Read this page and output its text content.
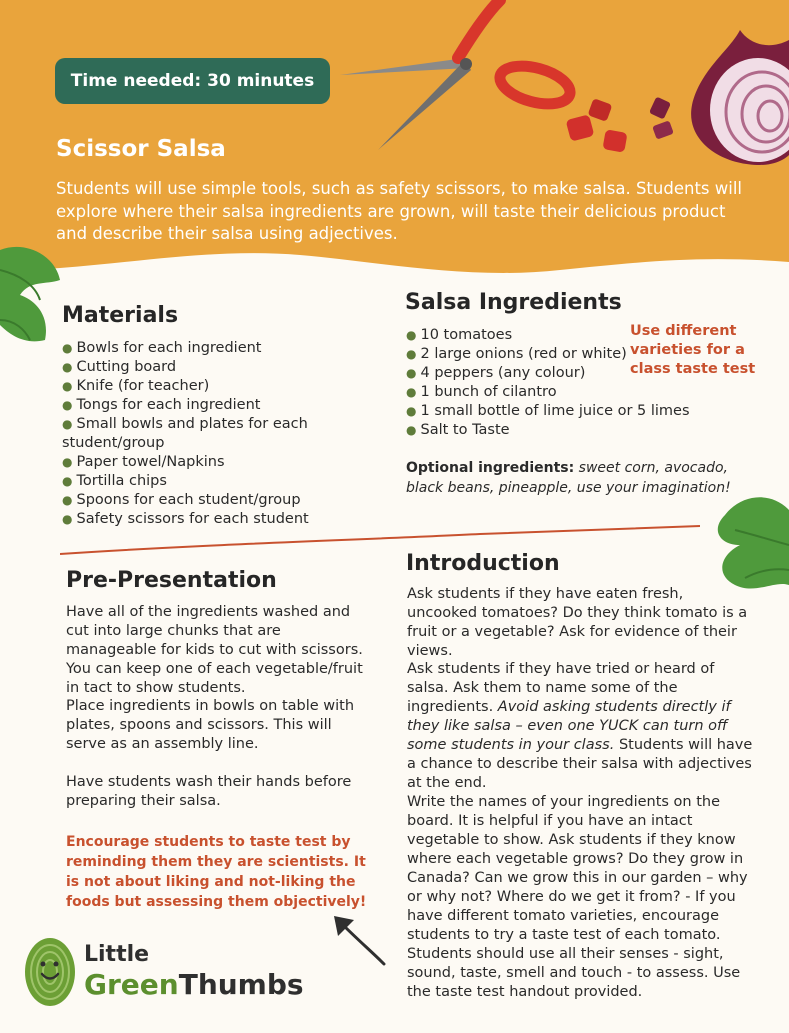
Time needed: 30 minutes
Scissor Salsa

Students will use simple tools, such as safety scissors, to make salsa. Students will explore where their salsa ingredients are grown, will taste their delicious product and describe their salsa using adjectives.

Materials
● Bowls for each ingredient
● Cutting board
● Knife (for teacher)
● Tongs for each ingredient
● Small bowls and plates for each
student/group
● Paper towel/Napkins
● Tortilla chips
● Spoons for each student/group
● Safety scissors for each student
Salsa Ingredients
● 10 tomatoes
● 2 large onions (red or white)
● 4 peppers (any colour)
● 1 bunch of cilantro
● 1 small bottle of lime juice or 5 limes
● Salt to Taste
Use different
varieties for a
class taste test

Optional ingredients: sweet corn, avocado, black beans, pineapple, use your imagination!

Pre-Presentation

Have all of the ingredients washed and cut into large chunks that are manageable for kids to cut with scissors. You can keep one of each vegetable/fruit in tact to show students.

Place ingredients in bowls on table with plates, spoons and scissors. This will serve as an assembly line.

Have students wash their hands before preparing their salsa.

Encourage students to taste test by reminding them they are scientists. It is not about liking and not-liking the foods but assessing them objectively!

Introduction

Ask students if they have eaten fresh, uncooked tomatoes? Do they think tomato is a fruit or a vegetable? Ask for evidence of their views.

Ask students if they have tried or heard of salsa. Ask them to name some of the ingredients. Avoid asking students directly if they like salsa – even one YUCK can turn off some students in your class. Students will have a chance to describe their salsa with adjectives at the end.

Write the names of your ingredients on the board. It is helpful if you have an intact vegetable to show. Ask students if they know where each vegetable grows? Do they grow in Canada? Can we grow this in our garden – why or why not? Where do we get it from? - If you have different tomato varieties, encourage students to try a taste test of each tomato. Students should use all their senses - sight, sound, taste, smell and touch - to assess. Use the taste test handout provided.

Little
GreenThumbs
